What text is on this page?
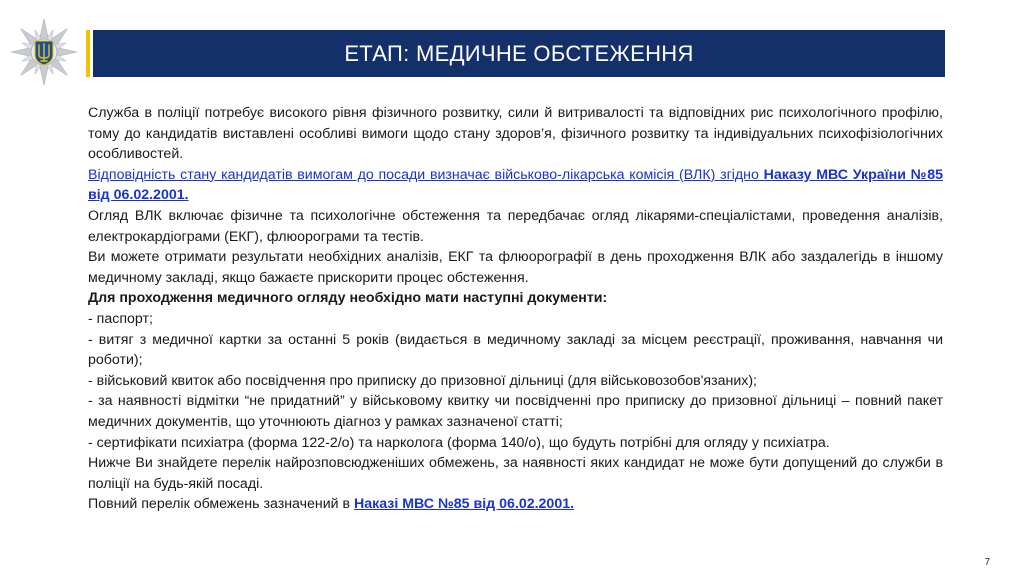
ЕТАП: МЕДИЧНЕ ОБСТЕЖЕННЯ

Служба в поліції потребує високого рівня фізичного розвитку, сили й витривалості та відповідних рис психологічного профілю, тому до кандидатів виставлені особливі вимоги щодо стану здоров’я, фізичного розвитку та індивідуальних психофізіологічних особливостей.

Відповідність стану кандидатів вимогам до посади визначає військово-лікарська комісія (ВЛК) згідно Наказу МВС України №85 від 06.02.2001.

Огляд ВЛК включає фізичне та психологічне обстеження та передбачає огляд лікарями-спеціалістами, проведення аналізів, електрокардіограми (ЕКГ), флюорограми та тестів.

Ви можете отримати результати необхідних аналізів, ЕКГ та флюорографії в день проходження ВЛК або заздалегідь в іншому медичному закладі, якщо бажаєте прискорити процес обстеження.

Для проходження медичного огляду необхідно мати наступні документи:

- паспорт;

- витяг з медичної картки за останні 5 років (видається в медичному закладі за місцем реєстрації, проживання, навчання чи роботи);

- військовий квиток або посвідчення про приписку до призовної дільниці (для військовозобов'язаних);

- за наявності відмітки “не придатний” у військовому квитку чи посвідченні про приписку до призовної дільниці – повний пакет медичних документів, що уточнюють діагноз у рамках зазначеної статті;

- сертифікати психіатра (форма 122-2/о) та нарколога (форма 140/о), що будуть потрібні для огляду у психіатра.

Нижче Ви знайдете перелік найрозповсюдженіших обмежень, за наявності яких кандидат не може бути допущений до служби в поліції на будь-якій посаді.

Повний перелік обмежень зазначений в Наказі МВС №85 від 06.02.2001.

7
